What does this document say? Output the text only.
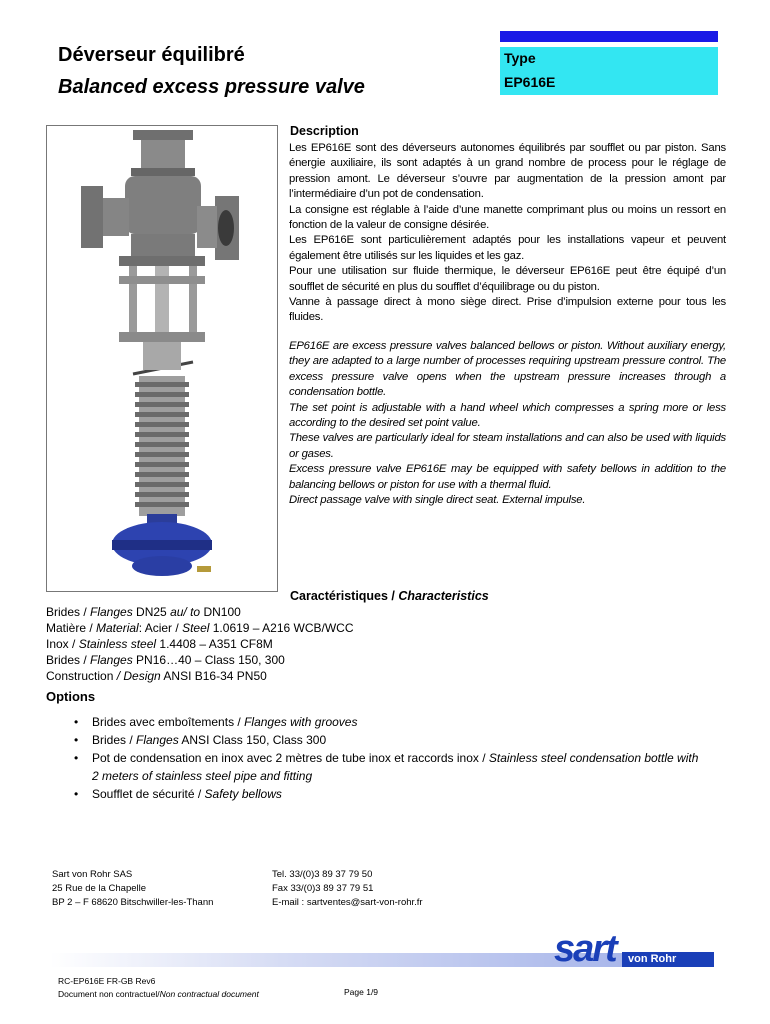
Déverseur équilibré
Balanced excess pressure valve
Type
EP616E
Description

Les EP616E sont des déverseurs autonomes équilibrés par soufflet ou par piston. Sans énergie auxiliaire, ils sont adaptés à un grand nombre de process pour le réglage de pression amont. Le déverseur s’ouvre par augmentation de la pression amont par l’intermédiaire d’un pot de condensation.

La consigne est réglable à l’aide d’une manette comprimant plus ou moins un ressort en fonction de la valeur de consigne désirée.

Les EP616E sont particulièrement adaptés pour les installations vapeur et peuvent également être utilisés sur les liquides et les gaz.

Pour une utilisation sur fluide thermique, le déverseur EP616E peut être équipé d’un soufflet de sécurité en plus du soufflet d’équilibrage ou du piston.

Vanne à passage direct à mono siège direct. Prise d’impulsion externe pour tous les fluides.

EP616E are excess pressure valves balanced bellows or piston. Without auxiliary energy, they are adapted to a large number of processes requiring upstream pressure control. The excess pressure valve opens when the upstream pressure increases through a condensation bottle.

The set point is adjustable with a hand wheel which compresses a spring more or less according to the desired set point value.

These valves are particularly ideal for steam installations and can also be used with liquids or gases.

Excess pressure valve EP616E may be equipped with safety bellows in addition to the balancing bellows or piston for use with a thermal fluid.

Direct passage valve with single direct seat. External impulse.

Caractéristiques / Characteristics
Brides / Flanges DN25 au/ to DN100
Matière / Material: Acier / Steel 1.0619 – A216 WCB/WCC
Inox / Stainless steel 1.4408 – A351 CF8M
Brides / Flanges PN16…40 – Class 150, 300
Construction / Design ANSI B16-34 PN50
Options
• Brides avec emboîtements / Flanges with grooves
• Brides / Flanges ANSI Class 150, Class 300
• Pot de condensation en inox avec 2 mètres de tube inox et raccords inox / Stainless steel condensation bottle with 2 meters of stainless steel pipe and fitting
• Soufflet de sécurité / Safety bellows
Sart von Rohr SAS
25 Rue de la Chapelle
BP 2 – F 68620 Bitschwiller-les-Thann
Tel. 33/(0)3 89 37 79 50
Fax 33/(0)3 89 37 79 51
E-mail : sartventes@sart-von-rohr.fr
sart von Rohr
RC-EP616E FR-GB Rev6
Document non contractuel/Non contractual document	Page 1/9
